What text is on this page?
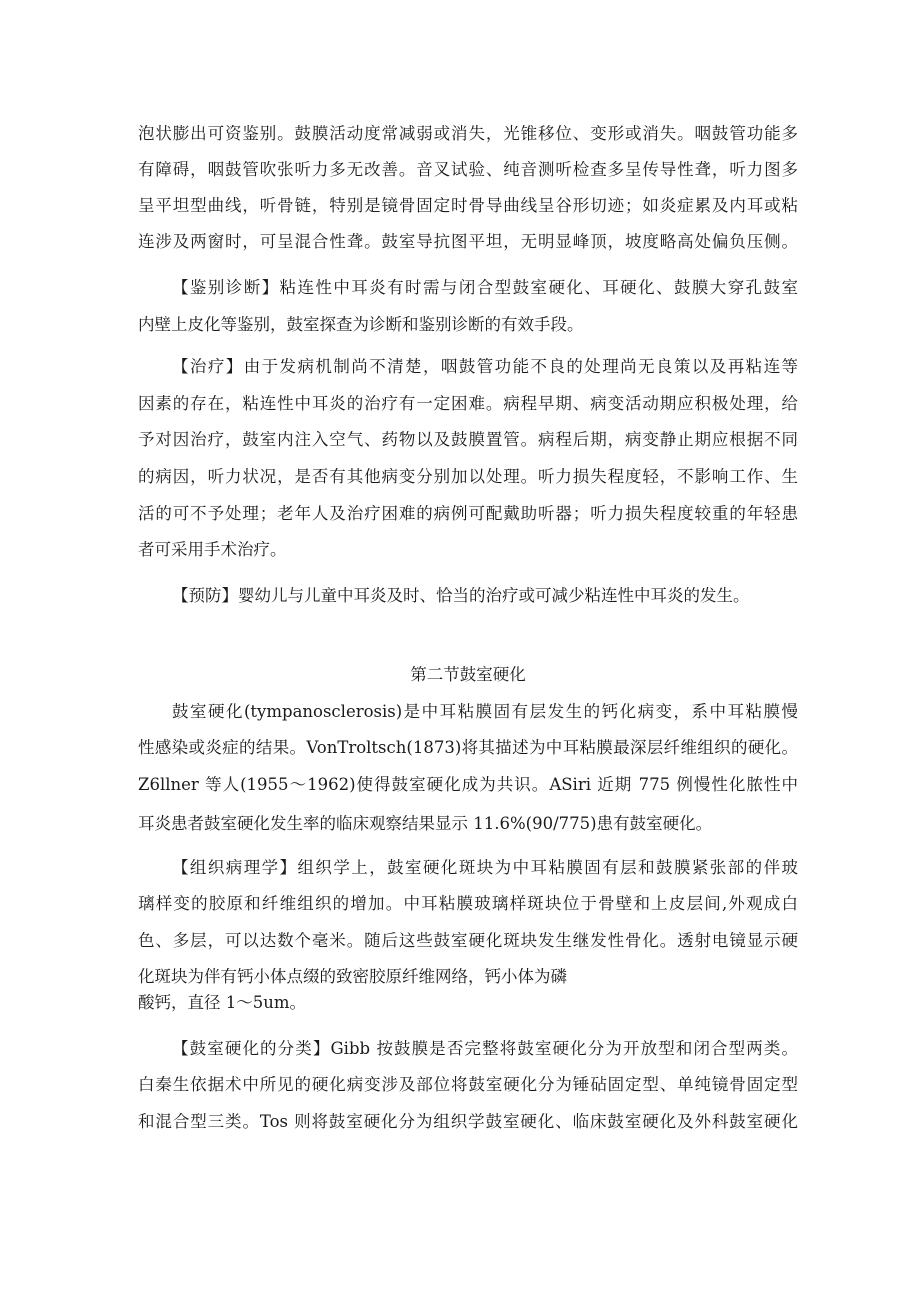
泡状膨出可资鉴别。鼓膜活动度常减弱或消失，光锥移位、变形或消失。咽鼓管功能多
有障碍，咽鼓管吹张听力多无改善。音叉试验、纯音测听检查多呈传导性聋，听力图多
呈平坦型曲线，听骨链，特别是镜骨固定时骨导曲线呈谷形切迹；如炎症累及内耳或粘
连涉及两窗时，可呈混合性聋。鼓室导抗图平坦，无明显峰顶，坡度略高处偏负压侧。
【鉴别诊断】粘连性中耳炎有时需与闭合型鼓室硬化、耳硬化、鼓膜大穿孔鼓室
内壁上皮化等鉴别，鼓室探查为诊断和鉴别诊断的有效手段。
【治疗】由于发病机制尚不清楚，咽鼓管功能不良的处理尚无良策以及再粘连等
因素的存在，粘连性中耳炎的治疗有一定困难。病程早期、病变活动期应积极处理，给
予对因治疗，鼓室内注入空气、药物以及鼓膜置管。病程后期，病变静止期应根据不同
的病因，听力状况，是否有其他病变分别加以处理。听力损失程度轻，不影响工作、生
活的可不予处理；老年人及治疗困难的病例可配戴助听器；听力损失程度较重的年轻患
者可采用手术治疗。
【预防】婴幼儿与儿童中耳炎及时、恰当的治疗或可减少粘连性中耳炎的发生。
第二节鼓室硬化
鼓室硬化(tympanosclerosis)是中耳粘膜固有层发生的钙化病变，系中耳粘膜慢
性感染或炎症的结果。VonTroltsch(1873)将其描述为中耳粘膜最深层纤维组织的硬化。
Z6llner 等人(1955～1962)使得鼓室硬化成为共识。ASiri 近期 775 例慢性化脓性中
耳炎患者鼓室硬化发生率的临床观察结果显示 11.6%(90/775)患有鼓室硬化。
【组织病理学】组织学上，鼓室硬化斑块为中耳粘膜固有层和鼓膜紧张部的伴玻
璃样变的胶原和纤维组织的增加。中耳粘膜玻璃样斑块位于骨壁和上皮层间,外观成白
色、多层，可以达数个毫米。随后这些鼓室硬化斑块发生继发性骨化。透射电镜显示硬
化斑块为伴有钙小体点缀的致密胶原纤维网络，钙小体为磷
酸钙，直径 1～5um。
【鼓室硬化的分类】Gibb 按鼓膜是否完整将鼓室硬化分为开放型和闭合型两类。
白秦生依据术中所见的硬化病变涉及部位将鼓室硬化分为锤砧固定型、单纯镜骨固定型
和混合型三类。Tos 则将鼓室硬化分为组织学鼓室硬化、临床鼓室硬化及外科鼓室硬化
